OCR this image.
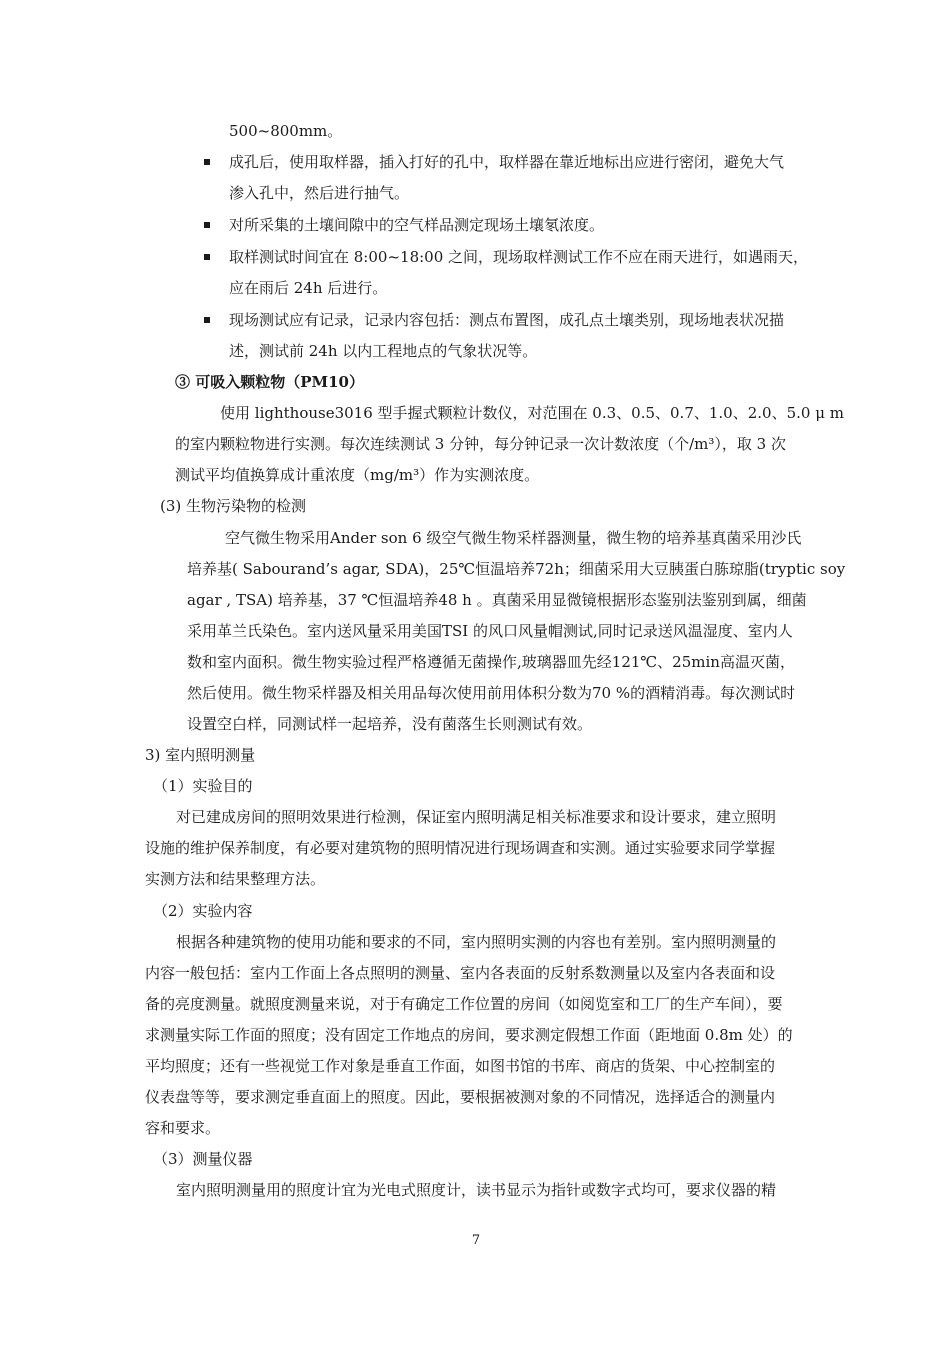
500~800mm。
成孔后，使用取样器，插入打好的孔中，取样器在靠近地标出应进行密闭，避免大气
渗入孔中，然后进行抽气。
对所采集的土壤间隙中的空气样品测定现场土壤氡浓度。
取样测试时间宜在 8:00~18:00 之间，现场取样测试工作不应在雨天进行，如遇雨天，
应在雨后 24h 后进行。
现场测试应有记录，记录内容包括：测点布置图，成孔点土壤类别，现场地表状况描
述，测试前 24h 以内工程地点的气象状况等。
③ 可吸入颗粒物（PM10）
使用 lighthouse3016 型手握式颗粒计数仪，对范围在 0.3、0.5、0.7、1.0、2.0、5.0 μ m
的室内颗粒物进行实测。每次连续测试 3 分钟，每分钟记录一次计数浓度（个/m³），取 3 次
测试平均值换算成计重浓度（mg/m³）作为实测浓度。
(3) 生物污染物的检测
空气微生物采用Ander son 6 级空气微生物采样器测量，微生物的培养基真菌采用沙氏
培养基( Sabourand’s agar, SDA)，25℃恒温培养72h；细菌采用大豆胰蛋白胨琼脂(tryptic soy
agar , TSA) 培养基，37 ℃恒温培养48 h 。真菌采用显微镜根据形态鉴别法鉴别到属，细菌
采用革兰氏染色。室内送风量采用美国TSI 的风口风量帽测试,同时记录送风温湿度、室内人
数和室内面积。微生物实验过程严格遵循无菌操作,玻璃器皿先经121℃、25min高温灭菌，
然后使用。微生物采样器及相关用品每次使用前用体积分数为70 %的酒精消毒。每次测试时
设置空白样，同测试样一起培养，没有菌落生长则测试有效。
3) 室内照明测量
（1）实验目的
对已建成房间的照明效果进行检测，保证室内照明满足相关标准要求和设计要求，建立照明
设施的维护保养制度，有必要对建筑物的照明情况进行现场调查和实测。通过实验要求同学掌握
实测方法和结果整理方法。
（2）实验内容
根据各种建筑物的使用功能和要求的不同，室内照明实测的内容也有差别。室内照明测量的
内容一般包括：室内工作面上各点照明的测量、室内各表面的反射系数测量以及室内各表面和设
备的亮度测量。就照度测量来说，对于有确定工作位置的房间（如阅览室和工厂的生产车间），要
求测量实际工作面的照度；没有固定工作地点的房间，要求测定假想工作面（距地面 0.8m 处）的
平均照度；还有一些视觉工作对象是垂直工作面，如图书馆的书库、商店的货架、中心控制室的
仪表盘等等，要求测定垂直面上的照度。因此，要根据被测对象的不同情况，选择适合的测量内
容和要求。
（3）测量仪器
室内照明测量用的照度计宜为光电式照度计，读书显示为指针或数字式均可，要求仪器的精
7
